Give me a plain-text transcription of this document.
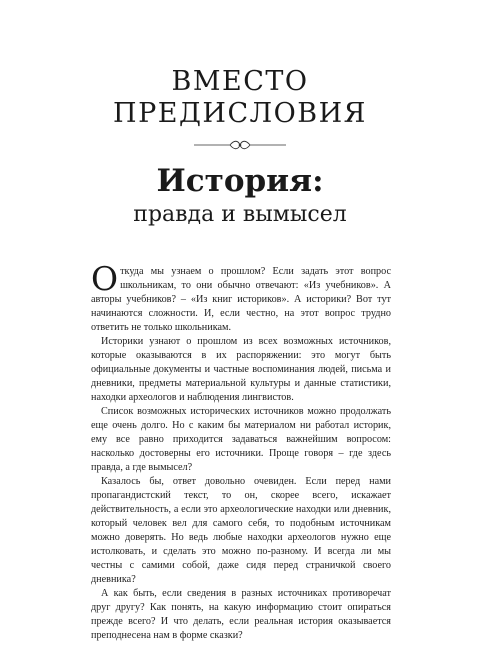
ВМЕСТО
ПРЕДИСЛОВИЯ
История:
правда и вымысел

Откуда мы узнаем о прошлом? Если задать этот вопрос школьникам, то они обычно отвечают: «Из учебников». А авторы учебников? – «Из книг историков». А историки? Вот тут начинаются сложности. И, если честно, на этот вопрос трудно ответить не только школьникам.

Историки узнают о прошлом из всех возможных источников, которые оказываются в их распоряжении: это могут быть официальные документы и частные воспоминания людей, письма и дневники, предметы материальной культуры и данные статистики, находки археологов и наблюдения лингвистов.

Список возможных исторических источников можно продолжать еще очень долго. Но с каким бы материалом ни работал историк, ему все равно приходится задаваться важнейшим вопросом: насколько достоверны его источники. Проще говоря – где здесь правда, а где вымысел?

Казалось бы, ответ довольно очевиден. Если перед нами пропагандистский текст, то он, скорее всего, искажает действительность, а если это археологические находки или дневник, который человек вел для самого себя, то подобным источникам можно доверять. Но ведь любые находки археологов нужно еще истолковать, и сделать это можно по-разному. И всегда ли мы честны с самими собой, даже сидя перед страничкой своего дневника?

А как быть, если сведения в разных источниках противоречат друг другу? Как понять, на какую информацию стоит опираться прежде всего? И что делать, если реальная история оказывается преподнесена нам в форме сказки?
